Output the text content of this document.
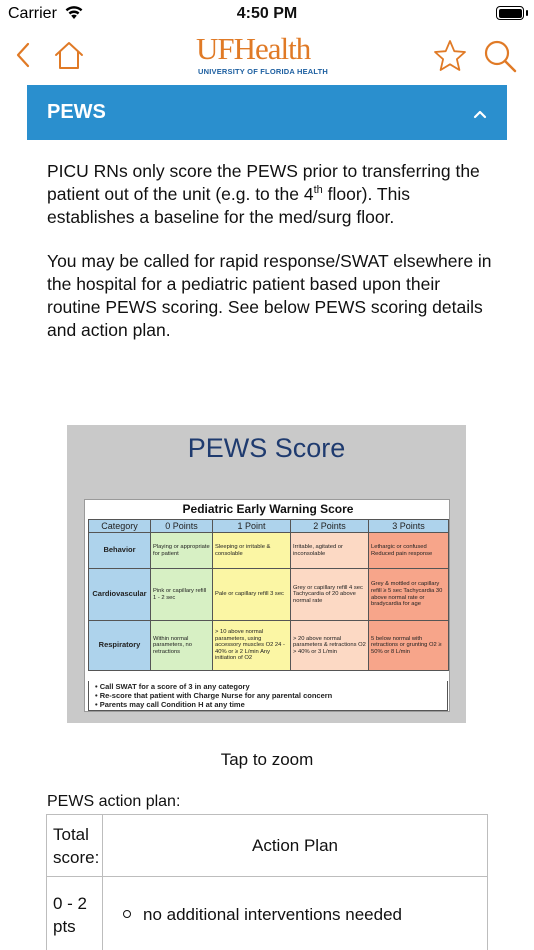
Carrier	4:50 PM
UFHealth
UNIVERSITY OF FLORIDA HEALTH
PEWS

PICU RNs only score the PEWS prior to transferring the patient out of the unit (e.g. to the 4th floor). This establishes a baseline for the med/surg floor.

You may be called for rapid response/SWAT elsewhere in the hospital for a pediatric patient based upon their routine PEWS scoring. See below PEWS scoring details and action plan.

PEWS Score
Pediatric Early Warning Score
Category	0 Points	1 Point	2 Points	3 Points
Behavior	Playing or appropriate for patient	Sleeping or irritable & consolable	Irritable, agitated or inconsolable	Lethargic or confused Reduced pain response
Cardiovascular	Pink or capillary refill 1 - 2 sec	Pale or capillary refill 3 sec	Grey or capillary refill 4 sec Tachycardia of 20 above normal rate	Grey & mottled or capillary refill ≥ 5 sec Tachycardia 30 above normal rate or bradycardia for age
Respiratory	Within normal parameters, no retractions	> 10 above normal parameters, using accessory muscles O2 24 - 40% or ≥ 2 L/min Any initiation of O2	> 20 above normal parameters & retractions O2 > 40% or 3 L/min	5 below normal with retractions or grunting O2 ≥ 50% or 8 L/min
• Call SWAT for a score of 3 in any category
• Re-score that patient with Charge Nurse for any parental concern
• Parents may call Condition H at any time
Tap to zoom
PEWS action plan:
Total score:	Action Plan
0 - 2 pts	no additional interventions needed
